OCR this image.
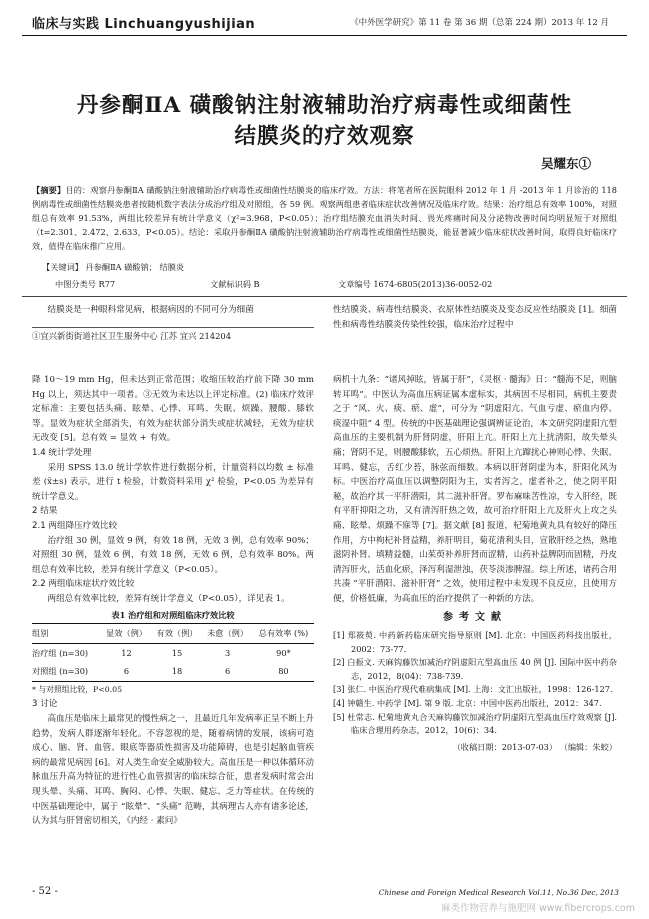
临床与实践 Linchuangyushijian	《中外医学研究》第 11 卷 第 36 期（总第 224 期）2013 年 12 月
丹参酮ⅡA 磺酸钠注射液辅助治疗病毒性或细菌性
结膜炎的疗效观察
吴耀东①
【摘要】目的：观察丹参酮ⅡA 磺酸钠注射液辅助治疗病毒性或细菌性结膜炎的临床疗效。方法：将笔者所在医院眼科 2012 年 1 月 -2013 年 1 月诊治的 118 例病毒性或细菌性结膜炎患者按随机数字表法分成治疗组及对照组，各 59 例。观察两组患者临床症状改善情况及临床疗效。结果：治疗组总有效率 100%，对照组总有效率 91.53%，两组比较差异有统计学意义（χ²=3.968，P<0.05）；治疗组结膜充血消失时间、畏光疼痛时间及分泌物改善时间均明显短于对照组（t=2.301、2.472、2.633，P<0.05）。结论：采取丹参酮ⅡA 磺酸钠注射液辅助治疗病毒性或细菌性结膜炎，能显著减少临床症状改善时间，取得良好临床疗效，值得在临床推广应用。
【关键词】 丹参酮ⅡA 磺酸钠； 结膜炎
中图分类号 R77	文献标识码 B	文章编号 1674-6805(2013)36-0052-02

结膜炎是一种眼科常见病，根据病因的不同可分为细菌

①宜兴新街街道社区卫生服务中心 江苏 宜兴 214204

性结膜炎、病毒性结膜炎、衣原体性结膜炎及变态反应性结膜炎 [1]。细菌性和病毒性结膜炎传染性较强，临床治疗过程中

降 10～19 mm Hg，但未达到正常范围；收缩压较治疗前下降 30 mm Hg 以上，须达其中一项者。③无效为未达以上评定标准。(2) 临床疗效评定标准：主要包括头痛、眩晕、心悸、耳鸣、失眠、烦躁、腰酸、膝软等。显效为症状全部消失，有效为症状部分消失或症状减轻，无效为症状无改变 [5]。总有效 = 显效 + 有效。

1.4 统计学处理

采用 SPSS 13.0 统计学软件进行数据分析，计量资料以均数 ± 标准差 (x̄±s) 表示，进行 t 检验，计数资料采用 χ² 检验，P<0.05 为差异有统计学意义。

2 结果

2.1 两组降压疗效比较

治疗组 30 例，显效 9 例，有效 18 例，无效 3 例，总有效率 90%；对照组 30 例，显效 6 例，有效 18 例，无效 6 例，总有效率 80%。两组总有效率比较，差异有统计学意义（P<0.05）。

2.2 两组临床症状疗效比较

两组总有效率比较，差异有统计学意义（P<0.05），详见表 1。

表1 治疗组和对照组临床疗效比较
组别	显效（例）	有效（例）	未愈（例）	总有效率 (%)
治疗组 (n=30)	12	15	3	90*
对照组 (n=30)	6	18	6	80
* 与对照组比较，P<0.05

3 讨论

高血压是临床上最常见的慢性病之一，且最近几年发病率正呈不断上升趋势，发病人群逐渐年轻化。不容忽视的是，随着病情的发展，该病可造成心、脑、肾、血管、眼底等器质性损害及功能障碍，也是引起脑血管疾病的最常见病因 [6]。对人类生命安全威胁较大。高血压是一种以体循环动脉血压升高为特征的进行性心血管损害的临床综合征，患者发病时常会出现头晕、头痛、耳鸣、胸闷、心悸、失眠、健忘、乏力等症状。在传统的中医基础理论中，属于 “眩晕”、“头痛” 范畴，其病理古人亦有诸多论述，认为其与肝肾密切相关，《内经 · 素问》

病机十九条：“诸风掉眩，皆属于肝”，《灵枢 · 髓海》日：“髓海不足，则脑转耳鸣”。中医认为高血压病证属本虚标实，其病因不尽相同，病机主要责之于 “风、火、痰、瘀、虚”，可分为 “阴虚阳亢、气血亏虚、瘀血内停、痰湿中阻” 4 型。传统的中医基础理论强调辨证论治，本文研究阴虚阳亢型高血压的主要机制为肝肾阴虚，肝阳上亢。肝阳上亢上扰清阳，故失晕头痛；肾阴不足，则腰酸膝软，五心烦热。肝阳上亢蹿扰心神则心悸、失眠、耳鸣、健忘，舌红少苔，脉弦而细数。本病以肝肾阴虚为本，肝阳化风为标。中医治疗高血压以调整阴阳为主，实者泻之，虚者补之，使之阴平阳秘，故治疗其一平肝潜阳，其二滋补肝肾。罗布麻味苦性凉，专入肝经，既有平肝抑阳之功，又有清泻肝热之效，故可治疗肝阳上亢及肝火上攻之头痛、眩晕、烦躁不寐等 [7]。据文献 [8] 报道，杞菊地黄丸具有较好的降压作用，方中枸杞补肾益精，养肝明目，菊花清利头目，宣散肝经之热，熟地滋阴补肾、填精益髓，山茱萸补养肝肾而涩精，山药补益脾阴而固精，丹皮清泻肝火，活血化瘀，泽泻利湿泄浊，茯苓淡渗脾湿。综上所述，诸药合用共凑 “平肝潜阳、滋补肝肾” 之效，使用过程中未发现不良反应，且使用方便，价格低廉，为高血压的治疗提供了一种新的方法。

参考文献
[1] 郑筱萸. 中药新药临床研究指导原则 [M]. 北京：中国医药科技出版社，2002：73-77.
[2] 白振文. 天麻钩藤饮加减治疗阴虚阳亢型高血压 40 例 [J]. 国际中医中药杂志，2012，8(04)：738-739.
[3] 张仁. 中医治疗现代难病集成 [M]. 上海：文汇出版社，1998：126-127.
[4] 钟赣生. 中药学 [M]. 第 9 版. 北京：中国中医药出版社，2012：347.
[5] 杜常志. 杞菊地黄丸合天麻钩藤饮加减治疗阴虚阳亢型高血压疗效观察 [J]. 临床合理用药杂志，2012，10(6)：34.
（收稿日期：2013-07-03） （编辑：朱蛟）
- 52 -	Chinese and Foreign Medical Research Vol.11, No.36 Dec, 2013
麻类作物营养与施肥网 www.fibercrops.com
